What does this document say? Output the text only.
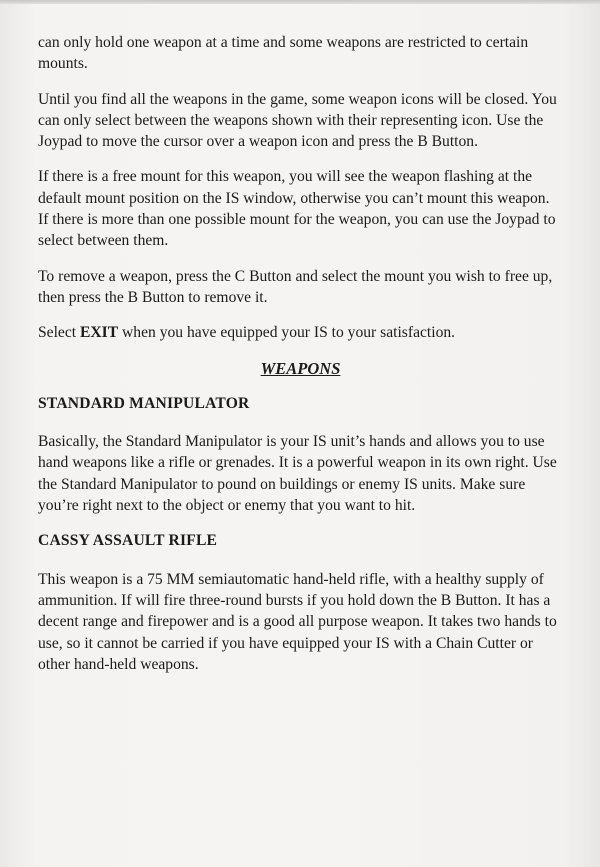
can only hold one weapon at a time and some weapons are restricted to certain mounts.

Until you find all the weapons in the game, some weapon icons will be closed. You can only select between the weapons shown with their representing icon. Use the Joypad to move the cursor over a weapon icon and press the B Button.

If there is a free mount for this weapon, you will see the weapon flashing at the default mount position on the IS window, otherwise you can’t mount this weapon. If there is more than one possible mount for the weapon, you can use the Joypad to select between them.

To remove a weapon, press the C Button and select the mount you wish to free up, then press the B Button to remove it.

Select EXIT when you have equipped your IS to your satisfaction.

WEAPONS
STANDARD MANIPULATOR

Basically, the Standard Manipulator is your IS unit’s hands and allows you to use hand weapons like a rifle or grenades. It is a powerful weapon in its own right. Use the Standard Manipulator to pound on buildings or enemy IS units. Make sure you’re right next to the object or enemy that you want to hit.

CASSY ASSAULT RIFLE

This weapon is a 75 MM semiautomatic hand-held rifle, with a healthy supply of ammunition. If will fire three-round bursts if you hold down the B Button. It has a decent range and firepower and is a good all purpose weapon. It takes two hands to use, so it cannot be carried if you have equipped your IS with a Chain Cutter or other hand-held weapons.
